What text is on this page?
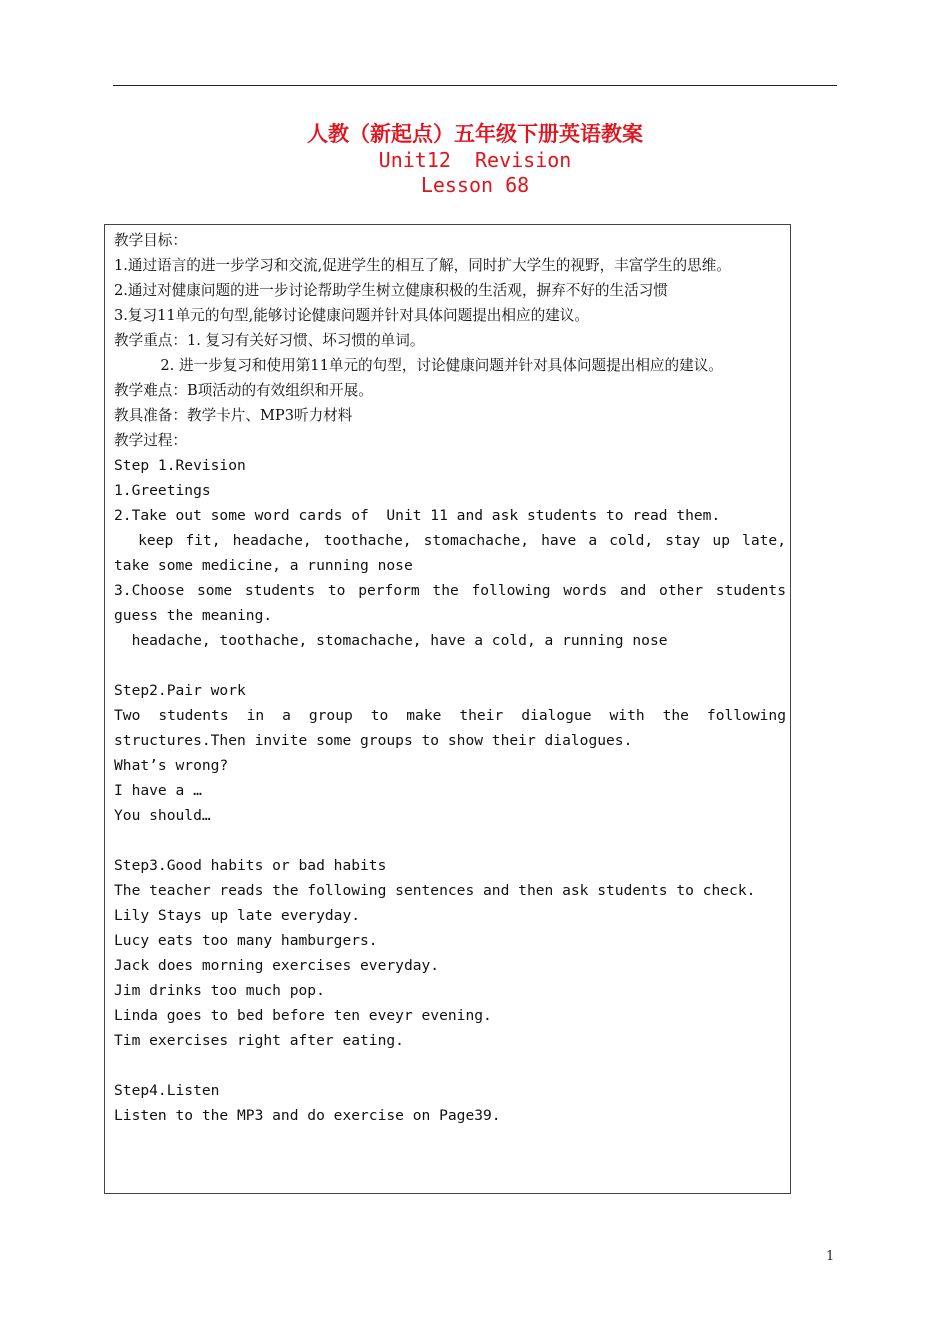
人教（新起点）五年级下册英语教案
Unit12  Revision
Lesson 68
教学目标：
1.通过语言的进一步学习和交流,促进学生的相互了解，同时扩大学生的视野，丰富学生的思维。
2.通过对健康问题的进一步讨论帮助学生树立健康积极的生活观，摒弃不好的生活习惯
3.复习11单元的句型,能够讨论健康问题并针对具体问题提出相应的建议。
教学重点：1. 复习有关好习惯、坏习惯的单词。
2. 进一步复习和使用第11单元的句型，讨论健康问题并针对具体问题提出相应的建议。
教学难点：B项活动的有效组织和开展。
教具准备：教学卡片、MP3听力材料
教学过程：
Step 1.Revision
1.Greetings
2.Take out some word cards of  Unit 11 and ask students to read them.
keep fit, headache, toothache, stomachache, have a cold, stay up late, take some medicine, a running nose
3.Choose some students to perform the following words and other students guess the meaning.
headache, toothache, stomachache, have a cold, a running nose
Step2.Pair work
Two students in a group to make their dialogue with the following structures.Then invite some groups to show their dialogues.
What’s wrong?
I have a …
You should…
Step3.Good habits or bad habits
The teacher reads the following sentences and then ask students to check.
Lily Stays up late everyday.
Lucy eats too many hamburgers.
Jack does morning exercises everyday.
Jim drinks too much pop.
Linda goes to bed before ten eveyr evening.
Tim exercises right after eating.
Step4.Listen
Listen to the MP3 and do exercise on Page39.
1
